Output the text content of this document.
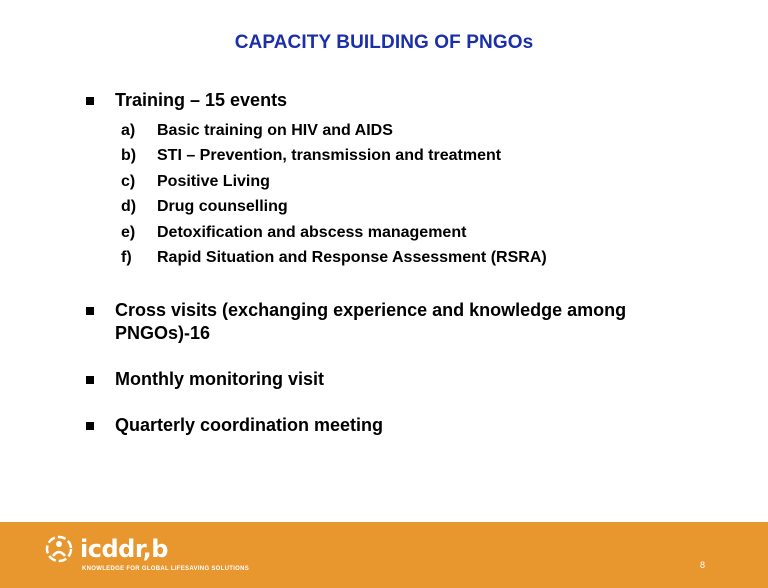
CAPACITY BUILDING OF PNGOs
Training – 15 events
a)	Basic training on HIV and AIDS
b)	STI – Prevention, transmission and treatment
c)	Positive Living
d)	Drug counselling
e)	Detoxification and abscess management
f)	Rapid Situation and Response Assessment (RSRA)
Cross visits (exchanging experience and knowledge among PNGOs)-16
Monthly monitoring visit
Quarterly coordination meeting
icddr,b
KNOWLEDGE FOR GLOBAL LIFESAVING SOLUTIONS	8
